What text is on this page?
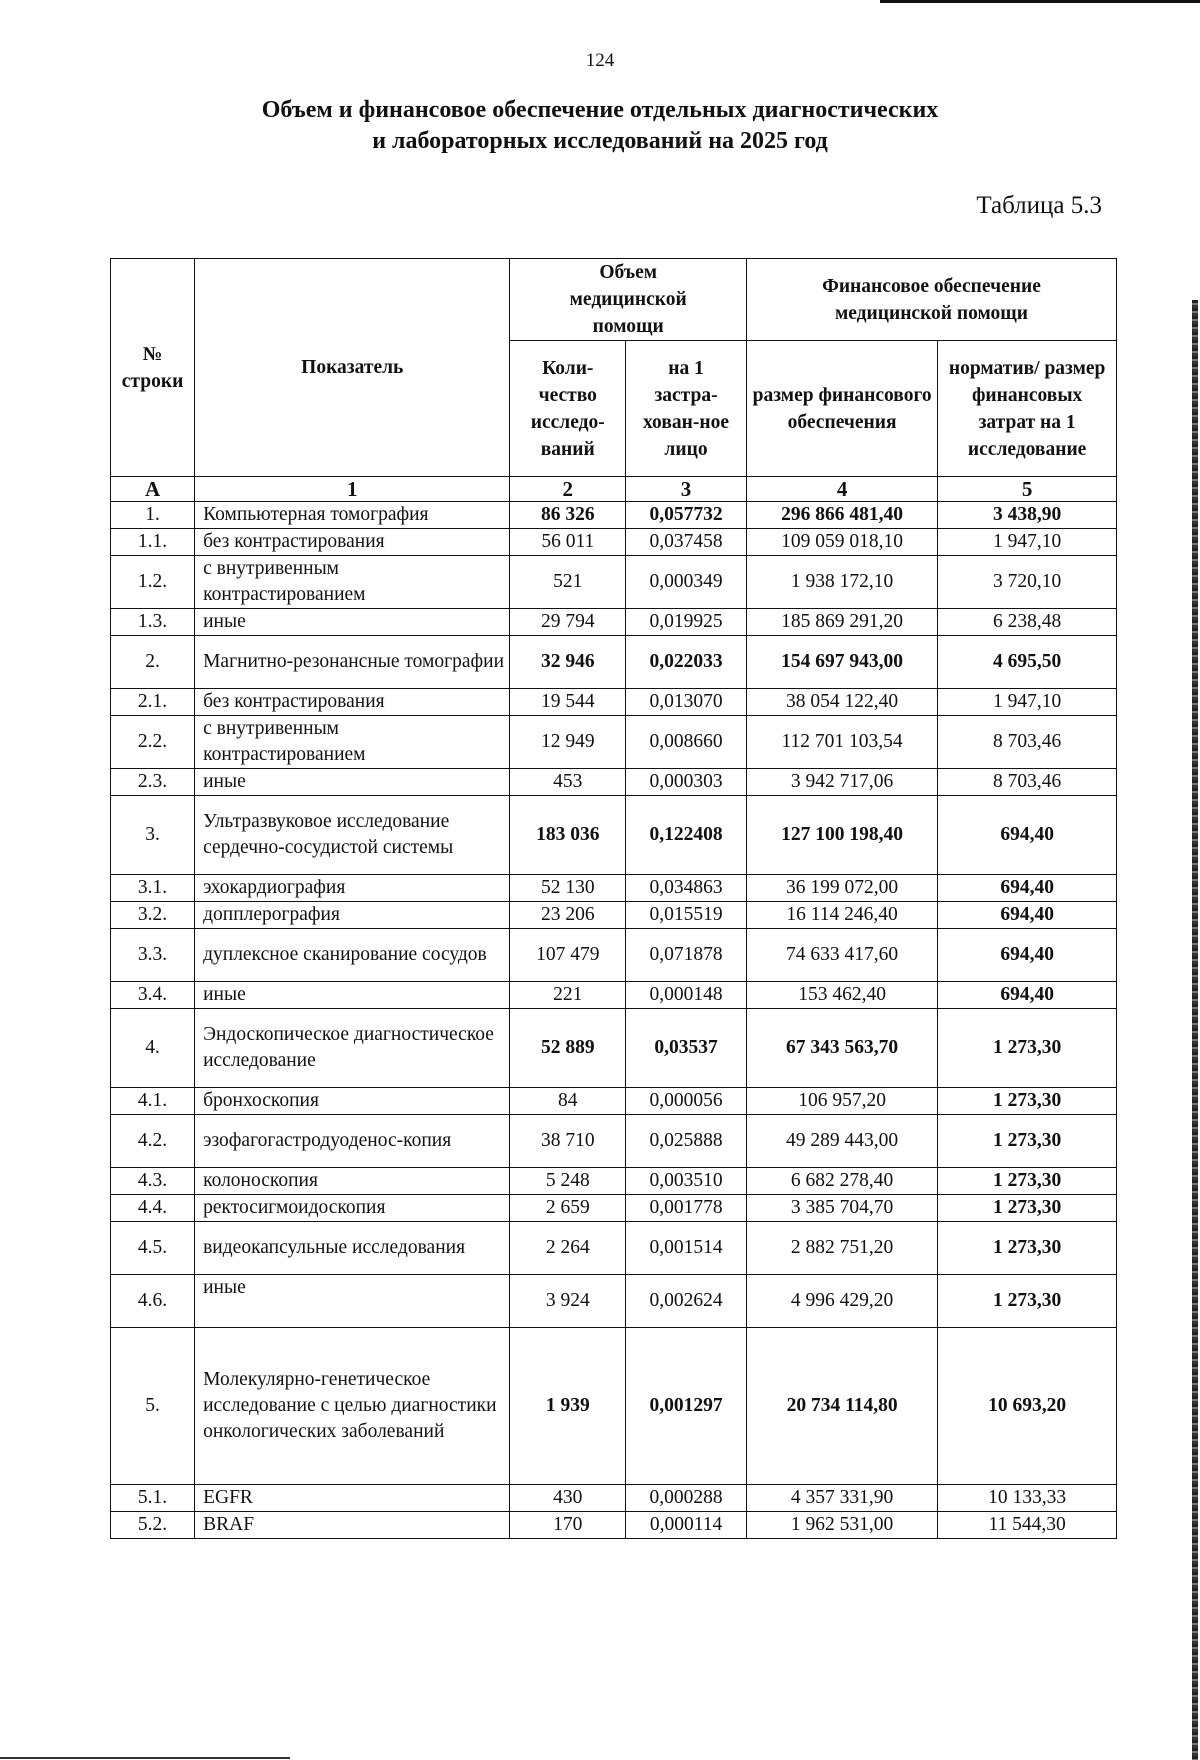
124
Объем и финансовое обеспечение отдельных диагностических
и лабораторных исследований на 2025 год
Таблица 5.3
№ строки	Показатель	Объем медицинской помощи		Финансовое обеспечение медицинской помощи	
		Коли-чество исследо-ваний	на 1 застра-хован-ное лицо	размер финансового обеспечения	норматив/ размер финансовых затрат на 1 исследование
А	1	2	3	4	5
1.	Компьютерная томография	86 326	0,057732	296 866 481,40	3 438,90
1.1.	без контрастирования	56 011	0,037458	109 059 018,10	1 947,10
1.2.	с внутривенным контрастированием	521	0,000349	1 938 172,10	3 720,10
1.3.	иные	29 794	0,019925	185 869 291,20	6 238,48
2.	Магнитно-резонансные томографии	32 946	0,022033	154 697 943,00	4 695,50
2.1.	без контрастирования	19 544	0,013070	38 054 122,40	1 947,10
2.2.	с внутривенным контрастированием	12 949	0,008660	112 701 103,54	8 703,46
2.3.	иные	453	0,000303	3 942 717,06	8 703,46
3.	Ультразвуковое исследование сердечно-сосудистой системы	183 036	0,122408	127 100 198,40	694,40
3.1.	эхокардиография	52 130	0,034863	36 199 072,00	694,40
3.2.	допплерография	23 206	0,015519	16 114 246,40	694,40
3.3.	дуплексное сканирование сосудов	107 479	0,071878	74 633 417,60	694,40
3.4.	иные	221	0,000148	153 462,40	694,40
4.	Эндоскопическое диагностическое исследование	52 889	0,03537	67 343 563,70	1 273,30
4.1.	бронхоскопия	84	0,000056	106 957,20	1 273,30
4.2.	эзофагогастродуоденос-копия	38 710	0,025888	49 289 443,00	1 273,30
4.3.	колоноскопия	5 248	0,003510	6 682 278,40	1 273,30
4.4.	ректосигмоидоскопия	2 659	0,001778	3 385 704,70	1 273,30
4.5.	видеокапсульные исследования	2 264	0,001514	2 882 751,20	1 273,30
4.6.	иные	3 924	0,002624	4 996 429,20	1 273,30
5.	Молекулярно-генетическое исследование с целью диагностики онкологических заболеваний	1 939	0,001297	20 734 114,80	10 693,20
5.1.	EGFR	430	0,000288	4 357 331,90	10 133,33
5.2.	BRAF	170	0,000114	1 962 531,00	11 544,30
